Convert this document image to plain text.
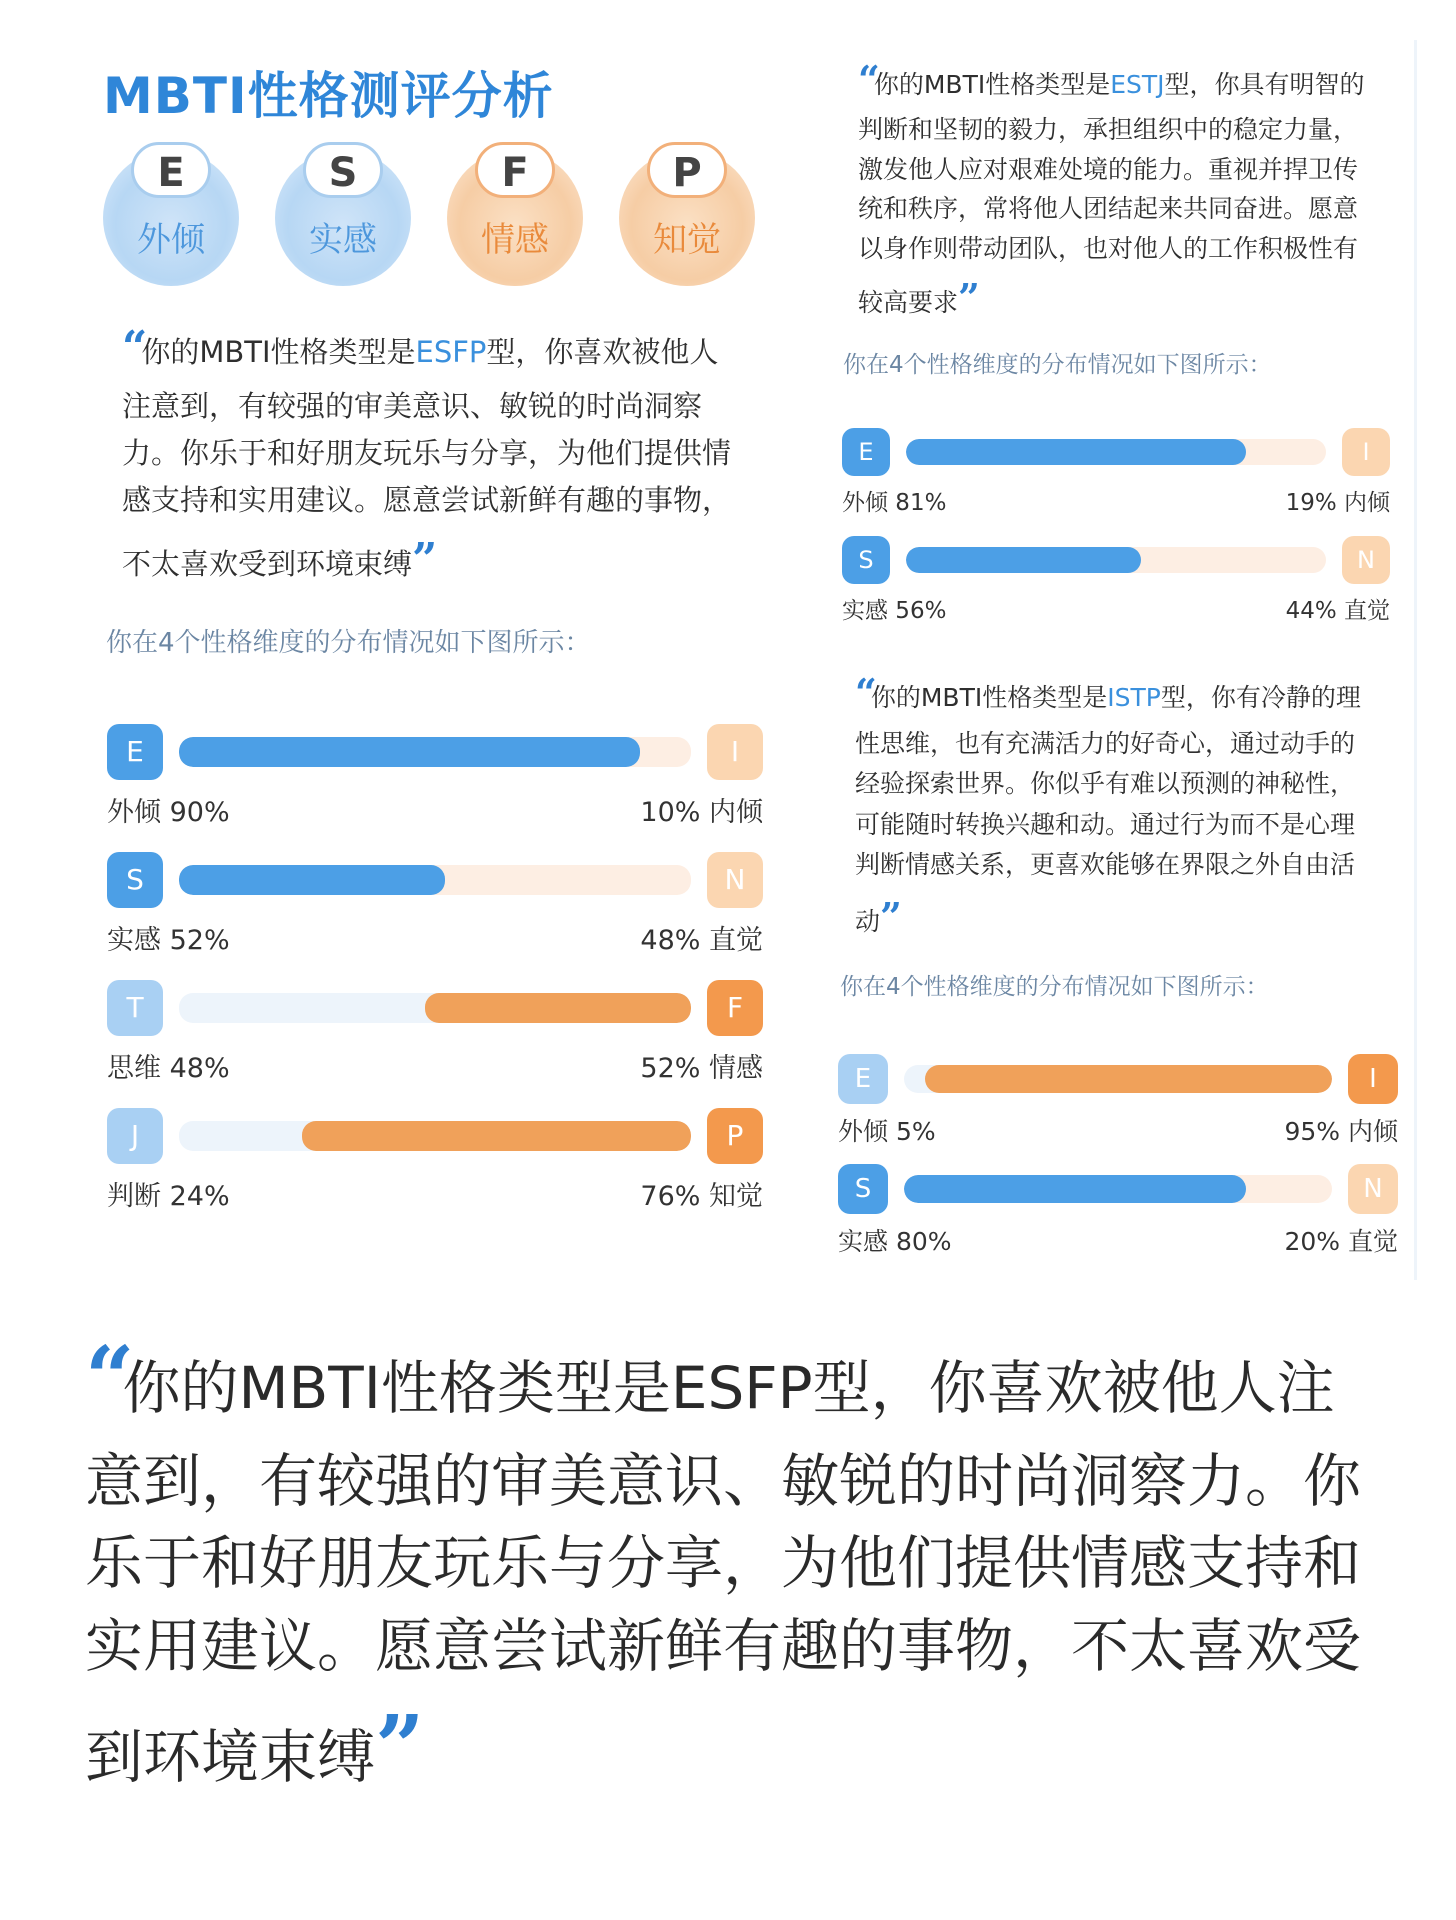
MBTI性格测评分析
E
外倾
S
实感
F
情感
P
知觉
“你的MBTI性格类型是ESFP型，你喜欢被他人注意到，有较强的审美意识、敏锐的时尚洞察力。你乐于和好朋友玩乐与分享，为他们提供情感支持和实用建议。愿意尝试新鲜有趣的事物，不太喜欢受到环境束缚”
你在4个性格维度的分布情况如下图所示：
E	I
外倾 90%	10% 内倾
S	N
实感 52%	48% 直觉
T	F
思维 48%	52% 情感
J	P
判断 24%	76% 知觉
“你的MBTI性格类型是ESTJ型，你具有明智的判断和坚韧的毅力，承担组织中的稳定力量，激发他人应对艰难处境的能力。重视并捍卫传统和秩序，常将他人团结起来共同奋进。愿意以身作则带动团队，也对他人的工作积极性有较高要求”
你在4个性格维度的分布情况如下图所示：
E	I
外倾 81%	19% 内倾
S	N
实感 56%	44% 直觉
“你的MBTI性格类型是ISTP型，你有冷静的理性思维，也有充满活力的好奇心，通过动手的经验探索世界。你似乎有难以预测的神秘性，可能随时转换兴趣和动。通过行为而不是心理判断情感关系，更喜欢能够在界限之外自由活动”
你在4个性格维度的分布情况如下图所示：
E	I
外倾 5%	95% 内倾
S	N
实感 80%	20% 直觉
“你的MBTI性格类型是ESFP型，你喜欢被他人注意到，有较强的审美意识、敏锐的时尚洞察力。你乐于和好朋友玩乐与分享，为他们提供情感支持和实用建议。愿意尝试新鲜有趣的事物，不太喜欢受到环境束缚”
